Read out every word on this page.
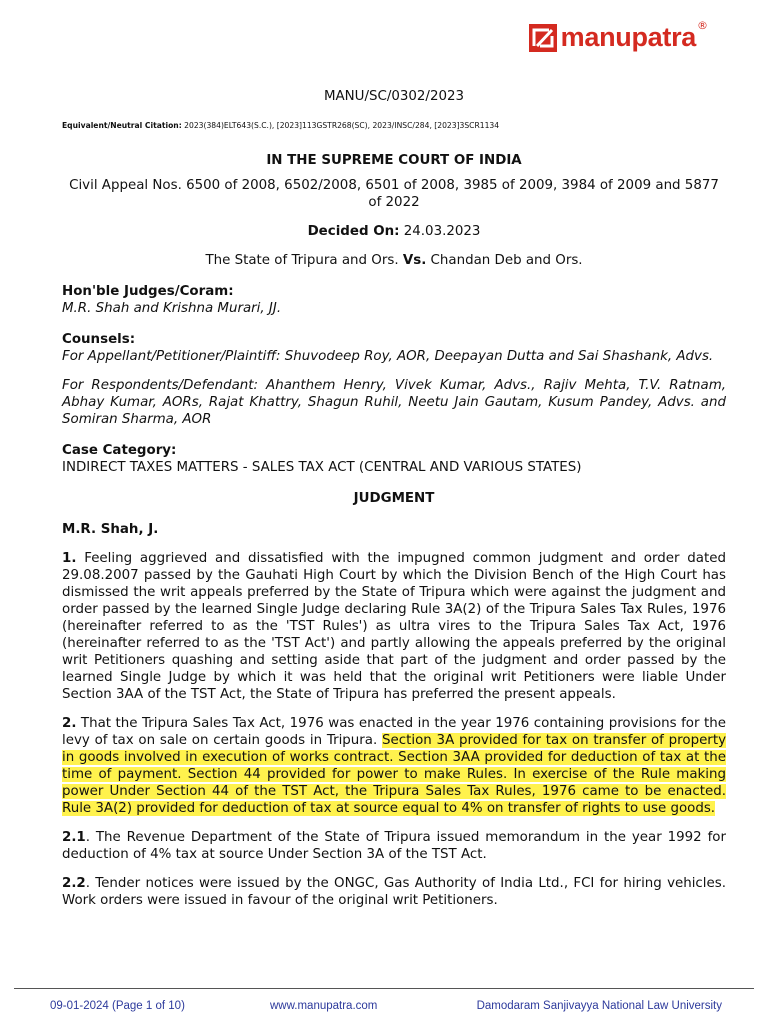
manupatra ®
MANU/SC/0302/2023
Equivalent/Neutral Citation: 2023(384)ELT643(S.C.), [2023]113GSTR268(SC), 2023/INSC/284, [2023]3SCR1134
IN THE SUPREME COURT OF INDIA
Civil Appeal Nos. 6500 of 2008, 6502/2008, 6501 of 2008, 3985 of 2009, 3984 of 2009 and 5877 of 2022
Decided On: 24.03.2023
The State of Tripura and Ors. Vs. Chandan Deb and Ors.
Hon'ble Judges/Coram:
M.R. Shah and Krishna Murari, JJ.
Counsels:
For Appellant/Petitioner/Plaintiff: Shuvodeep Roy, AOR, Deepayan Dutta and Sai Shashank, Advs.
For Respondents/Defendant: Ahanthem Henry, Vivek Kumar, Advs., Rajiv Mehta, T.V. Ratnam, Abhay Kumar, AORs, Rajat Khattry, Shagun Ruhil, Neetu Jain Gautam, Kusum Pandey, Advs. and Somiran Sharma, AOR
Case Category:
INDIRECT TAXES MATTERS - SALES TAX ACT (CENTRAL AND VARIOUS STATES)
JUDGMENT
M.R. Shah, J.
1. Feeling aggrieved and dissatisfied with the impugned common judgment and order dated 29.08.2007 passed by the Gauhati High Court by which the Division Bench of the High Court has dismissed the writ appeals preferred by the State of Tripura which were against the judgment and order passed by the learned Single Judge declaring Rule 3A(2) of the Tripura Sales Tax Rules, 1976 (hereinafter referred to as the 'TST Rules') as ultra vires to the Tripura Sales Tax Act, 1976 (hereinafter referred to as the 'TST Act') and partly allowing the appeals preferred by the original writ Petitioners quashing and setting aside that part of the judgment and order passed by the learned Single Judge by which it was held that the original writ Petitioners were liable Under Section 3AA of the TST Act, the State of Tripura has preferred the present appeals.
2. That the Tripura Sales Tax Act, 1976 was enacted in the year 1976 containing provisions for the levy of tax on sale on certain goods in Tripura. Section 3A provided for tax on transfer of property in goods involved in execution of works contract. Section 3AA provided for deduction of tax at the time of payment. Section 44 provided for power to make Rules. In exercise of the Rule making power Under Section 44 of the TST Act, the Tripura Sales Tax Rules, 1976 came to be enacted. Rule 3A(2) provided for deduction of tax at source equal to 4% on transfer of rights to use goods.
2.1. The Revenue Department of the State of Tripura issued memorandum in the year 1992 for deduction of 4% tax at source Under Section 3A of the TST Act.
2.2. Tender notices were issued by the ONGC, Gas Authority of India Ltd., FCI for hiring vehicles. Work orders were issued in favour of the original writ Petitioners.
09-01-2024 (Page 1 of 10)	www.manupatra.com	Damodaram Sanjivayya National Law University
